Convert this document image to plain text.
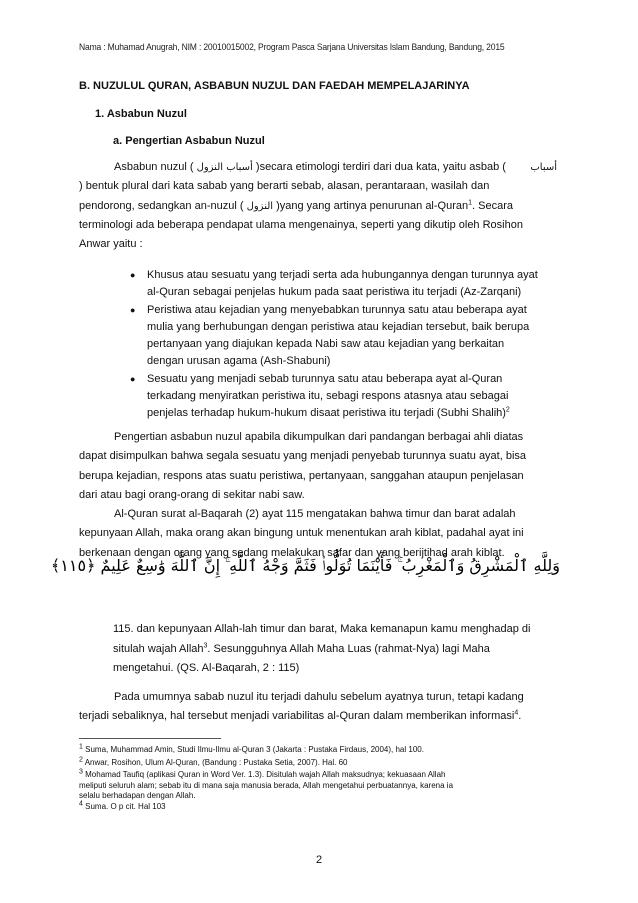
Nama : Muhamad Anugrah, NIM : 20010015002, Program Pasca Sarjana Universitas Islam Bandung, Bandung, 2015
B. NUZULUL QURAN, ASBABUN NUZUL DAN FAEDAH MEMPELAJARINYA
1. Asbabun Nuzul
a. Pengertian Asbabun Nuzul
Asbabun nuzul ( أسباب النزول )secara etimologi terdiri dari dua kata, yaitu asbab ( أسباب
) bentuk plural dari kata sabab yang berarti sebab, alasan, perantaraan, wasilah dan
pendorong, sedangkan an-nuzul ( النزول )yang yang artinya penurunan al-Quran$^1$. Secara
terminologi ada beberapa pendapat ulama mengenainya, seperti yang dikutip oleh Rosihon
Anwar yaitu :
● Khusus atau sesuatu yang terjadi serta ada hubungannya dengan turunnya ayat
al-Quran sebagai penjelas hukum pada saat peristiwa itu terjadi (Az-Zarqani)
● Peristiwa atau kejadian yang menyebabkan turunnya satu atau beberapa ayat
mulia yang berhubungan dengan peristiwa atau kejadian tersebut, baik berupa
pertanyaan yang diajukan kepada Nabi saw atau kejadian yang berkaitan
dengan urusan agama (Ash-Shabuni)
● Sesuatu yang menjadi sebab turunnya satu atau beberapa ayat al-Quran
terkadang menyiratkan peristiwa itu, sebagi respons atasnya atau sebagai
penjelas terhadap hukum-hukum disaat peristiwa itu terjadi (Subhi Shalih)$^2$
Pengertian asbabun nuzul apabila dikumpulkan dari pandangan berbagai ahli diatas
dapat disimpulkan bahwa segala sesuatu yang menjadi penyebab turunnya suatu ayat, bisa
berupa kejadian, respons atas suatu peristiwa, pertanyaan, sanggahan ataupun penjelasan
dari atau bagi orang-orang di sekitar nabi saw.
Al-Quran surat al-Baqarah (2) ayat 115 mengatakan bahwa timur dan barat adalah
kepunyaan Allah, maka orang akan bingung untuk menentukan arah kiblat, padahal ayat ini
berkenaan dengan orang yang sedang melakukan safar dan yang berijtihad arah kiblat.
وَلِلَّهِ ٱلْمَشْرِقُ وَٱلْمَغْرِبُ ۚ فَأَيْنَمَا تُوَلُّوا۟ فَثَمَّ وَجْهُ ٱللَّهِ ۚ إِنَّ ٱللَّهَ وَٰسِعٌ عَلِيمٌ ﴿١١٥﴾
115. dan kepunyaan Allah-lah timur dan barat, Maka kemanapun kamu menghadap di
situlah wajah Allah$^3$. Sesungguhnya Allah Maha Luas (rahmat-Nya) lagi Maha
mengetahui. (QS. Al-Baqarah, 2 : 115)
Pada umumnya sabab nuzul itu terjadi dahulu sebelum ayatnya turun, tetapi kadang
terjadi sebaliknya, hal tersebut menjadi variabilitas al-Quran dalam memberikan informasi$^4$.
$^1$ Suma, Muhammad Amin, Studi Ilmu-Ilmu al-Quran 3 (Jakarta : Pustaka Firdaus, 2004), hal 100.
$^2$ Anwar, Rosihon, Ulum Al-Quran, (Bandung : Pustaka Setia, 2007). Hal. 60
$^3$ Mohamad Taufiq (aplikasi Quran in Word Ver. 1.3). Disitulah wajah Allah maksudnya; kekuasaan Allah
meliputi seluruh alam; sebab itu di mana saja manusia berada, Allah mengetahui perbuatannya, karena ia
selalu berhadapan dengan Allah.
$^4$ Suma. O p cit. Hal 103
2
